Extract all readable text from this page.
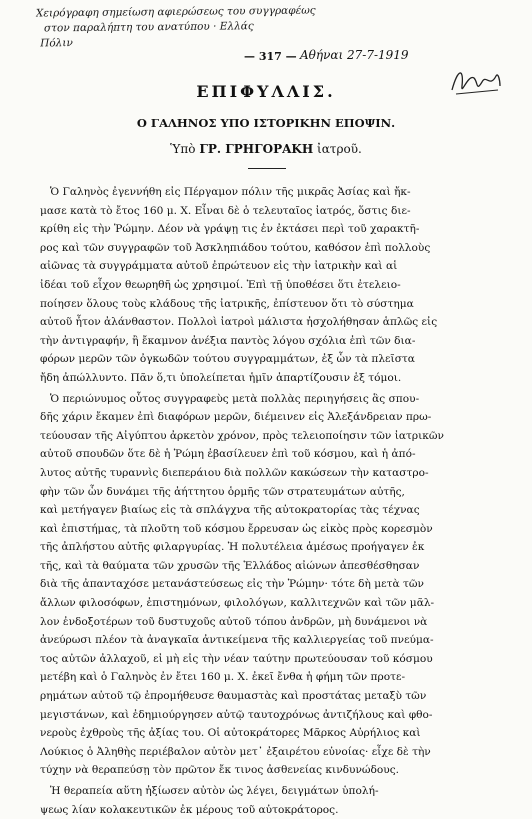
Χειρόγραφη σημείωση αφιερώσεως του συγγραφέως
στον παραλήπτη του ανατύπου · Ελλάς
Πόλιν
— 317 — Αθήναι 27-7-1919
ΕΠΙΦΥΛΛΙΣ.
Ο ΓΑΛΗΝΟΣ ΥΠΟ ΙΣΤΟΡΙΚΗΝ ΕΠΟΨΙΝ.
Ὑπὸ ΓΡ. ΓΡΗΓΟΡΑΚΗ ἰατροῦ.
Ὁ Γαληνὸς ἐγεννήθη εἰς Πέργαμον πόλιν τῆς μικρᾶς Ἀσίας καὶ ἤκ-
μασε κατὰ τὸ ἔτος 160 μ. Χ. Εἶναι δὲ ὁ τελευταῖος ἰατρός, ὅστις διε-
κρίθη εἰς τὴν Ῥώμην. Δέον νὰ γράψῃ τις ἐν ἐκτάσει περὶ τοῦ χαρακτῆ-
ρος καὶ τῶν συγγραφῶν τοῦ Ἀσκληπιάδου τούτου, καθόσον ἐπὶ πολλοὺς
αἰῶνας τὰ συγγράμματα αὐτοῦ ἐπρώτευον εἰς τὴν ἰατρικὴν καὶ αἱ
ἰδέαι τοῦ εἶχον θεωρηθῆ ὡς χρησιμοί. Ἐπὶ τῇ ὑποθέσει ὅτι ἐτελειο-
ποίησεν ὅλους τοὺς κλάδους τῆς ἰατρικῆς, ἐπίστευον ὅτι τὸ σύστημα
αὐτοῦ ἦτον ἀλάνθαστον. Πολλοὶ ἰατροὶ μάλιστα ἠσχολήθησαν ἁπλῶς εἰς
τὴν ἀντιγραφήν, ἢ ἔκαμνον ἀνέξια παντὸς λόγου σχόλια ἐπὶ τῶν δια-
φόρων μερῶν τῶν ὀγκωδῶν τούτου συγγραμμάτων, ἐξ ὧν τὰ πλεῖστα
ἤδη ἀπώλλυντο. Πᾶν ὅ,τι ὑπολείπεται ἡμῖν ἀπαρτίζουσιν ἑξ τόμοι.
Ὁ περιώνυμος οὗτος συγγραφεὺς μετὰ πολλὰς περιηγήσεις ἃς σπου-
δῆς χάριν ἔκαμεν ἐπὶ διαφόρων μερῶν, διέμεινεν εἰς Ἀλεξάνδρειαν πρω-
τεύουσαν τῆς Αἰγύπτου ἀρκετὸν χρόνον, πρὸς τελειοποίησιν τῶν ἰατρικῶν
αὐτοῦ σπουδῶν ὅτε δὲ ἡ Ῥώμη ἐβασίλευεν ἐπὶ τοῦ κόσμου, καὶ ἡ ἀπό-
λυτος αὐτῆς τυραννὶς διεπεράιου διὰ πολλῶν κακώσεων τὴν καταστρο-
φὴν τῶν ὧν δυνάμει τῆς ἀήττητου ὁρμῆς τῶν στρατευμάτων αὐτῆς,
καὶ μετήγαγεν βιαίως εἰς τὰ σπλάγχνα τῆς αὐτοκρατορίας τὰς τέχνας
καὶ ἐπιστήμας, τὰ πλοῦτη τοῦ κόσμου ἔρρευσαν ὡς εἰκὸς πρὸς κορεσμὸν
τῆς ἀπλήστου αὐτῆς φιλαργυρίας. Ἡ πολυτέλεια ἀμέσως προήγαγεν ἐκ
τῆς, καὶ τὰ θαύματα τῶν χρυσῶν τῆς Ἑλλάδος αἰώνων ἀπεσθέσθησαν
διὰ τῆς ἀπανταχόσε μετανάστεύσεως εἰς τὴν Ῥώμην· τότε δὴ μετὰ τῶν
ἄλλων φιλοσόφων, ἐπιστημόνων, φιλολόγων, καλλιτεχνῶν καὶ τῶν μᾶλ-
λον ἐνδοξοτέρων τοῦ δυστυχοῦς αὐτοῦ τόπου ἀνδρῶν, μὴ δυνάμενοι νὰ
ἀνεύρωσι πλέον τὰ ἀναγκαῖα ἀντικείμενα τῆς καλλιεργείας τοῦ πνεύμα-
τος αὐτῶν ἀλλαχοῦ, εἰ μὴ εἰς τὴν νέαν ταύτην πρωτεύουσαν τοῦ κόσμου
μετέβη καὶ ὁ Γαληνὸς ἐν ἔτει 160 μ. Χ. ἐκεῖ ἔνθα ἡ φήμη τῶν προτε-
ρημάτων αὐτοῦ τῷ ἐπρομήθευσε θαυμαστὰς καὶ προστάτας μεταξὺ τῶν
μεγιστάνων, καὶ ἐδημιούργησεν αὐτῷ ταυτοχρόνως ἀντιζήλους καὶ φθο-
νεροὺς ἐχθροὺς τῆς ἀξίας του. Οἱ αὐτοκράτορες Μᾶρκος Αὐρήλιος καὶ
Λούκιος ὁ Ἀληθὴς περιέβαλον αὐτὸν μετ᾽ ἐξαιρέτου εὐνοίας· εἶχε δὲ τὴν
τύχην νὰ θεραπεύσῃ τὸν πρῶτον ἔκ τινος ἀσθενείας κινδυνώδους.
Ἡ θεραπεία αὕτη ἠξίωσεν αὐτὸν ὡς λέγει, δειγμάτων ὑπολή-
ψεως λίαν κολακευτικῶν ἐκ μέρους τοῦ αὐτοκράτορος.
